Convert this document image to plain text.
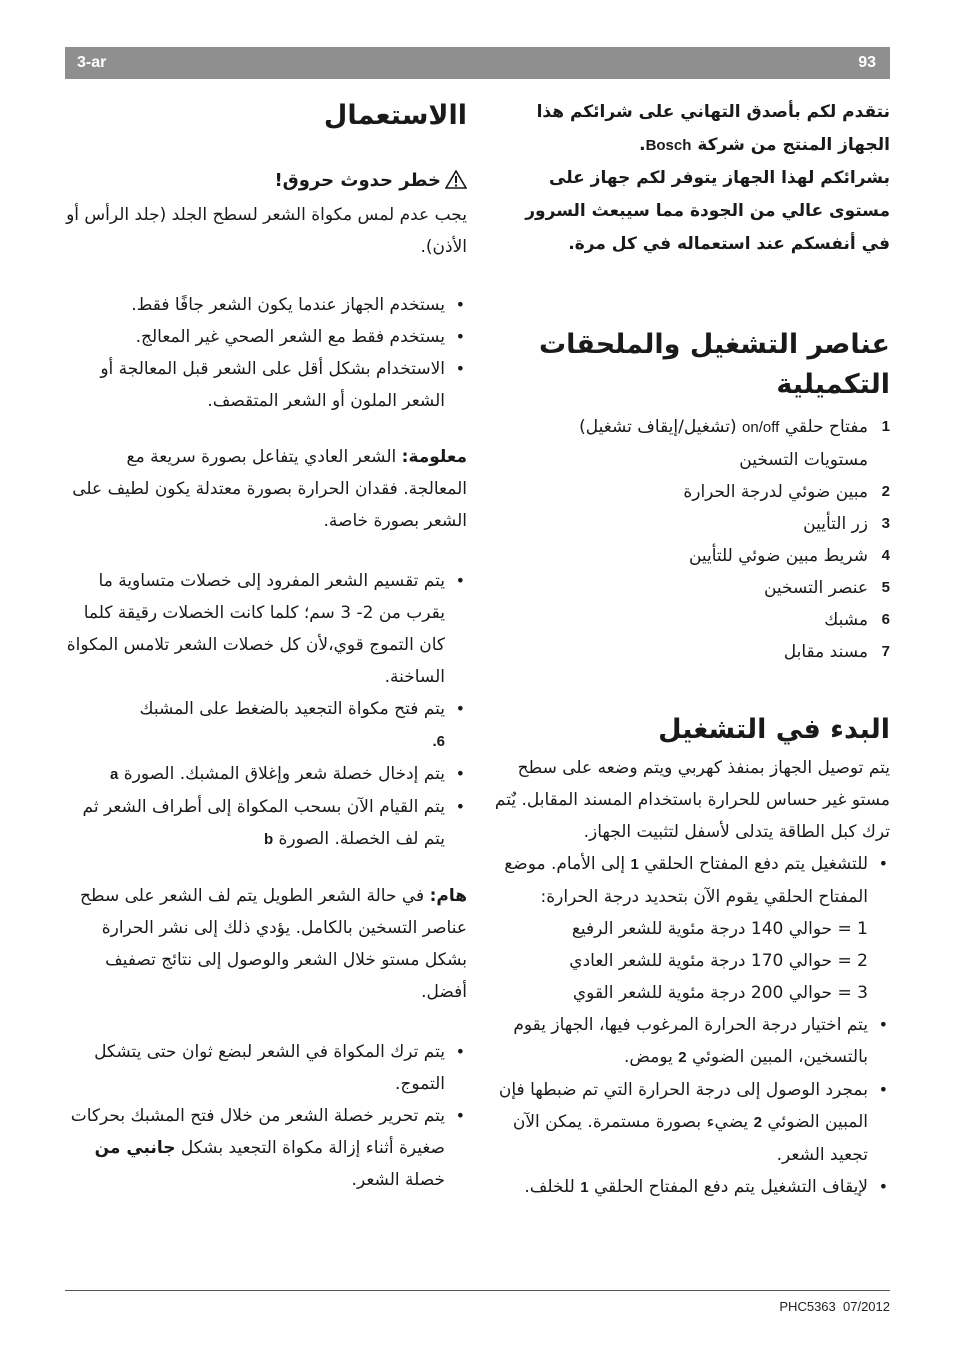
3-ar	93
نتقدم لكم بأصدق التهاني على شرائكم هذا
الجهاز المنتج من شركة Bosch.
بشرائكم لهذا الجهاز يتوفر لكم جهاز على
مستوى عالي من الجودة مما سيبعث السرور
في أنفسكم عند استعماله في كل مرة.
عناصر التشغيل والملحقات التكميلية
1
مفتاح حلقي on/off (تشغيل/إيقاف تشغيل)
مستويات التسخين
2
مبين ضوئي لدرجة الحرارة
3
زر التأيين
4
شريط مبين ضوئي للتأيين
5
عنصر التسخين
6
مشبك
7
مسند مقابل
البدء في التشغيل

يتم توصيل الجهاز بمنفذ كهربي ويتم وضعه على سطح مستو غير حساس للحرارة باستخدام المسند المقابل. يٌتم ترك كبل الطاقة يتدلى لأسفل لتثبيت الجهاز.

• للتشغيل يتم دفع المفتاح الحلقي 1 إلى الأمام. موضع المفتاح الحلقي يقوم الآن بتحديد درجة الحرارة:
1 = حوالي 140 درجة مئوية للشعر الرفيع
2 = حوالي 170 درجة مئوية للشعر العادي
3 = حوالي 200 درجة مئوية للشعر القوي
• يتم اختيار درجة الحرارة المرغوب فيها، الجهاز يقوم بالتسخين، المبين الضوئي 2 يومض.
• بمجرد الوصول إلى درجة الحرارة التي تم ضبطها فإن المبين الضوئي 2 يضيء بصورة مستمرة. يمكن الآن تجعيد الشعر.
• لإيقاف التشغيل يتم دفع المفتاح الحلقي 1 للخلف.
االاستعمال
خطر حدوث حروق!

يجب عدم لمس مكواة الشعر لسطح الجلد (جلد الرأس أو الأذن).

• يستخدم الجهاز عندما يكون الشعر جافًا فقط.
• يستخدم فقط مع الشعر الصحي غير المعالج.
• الاستخدام بشكل أقل على الشعر قبل المعالجة أو الشعر الملون أو الشعر المتقصف.

معلومة: الشعر العادي يتفاعل بصورة سريعة مع المعالجة. فقدان الحرارة بصورة معتدلة يكون لطيف على الشعر بصورة خاصة.

• يتم تقسيم الشعر المفرود إلى خصلات متساوية ما يقرب من 2- 3 سم؛ كلما كانت الخصلات رقيقة كلما كان التموج قوي،لأن كل خصلات الشعر تلامس المكواة الساخنة.
• يتم فتح مكواة التجعيد بالضغط على المشبك
6.
• يتم إدخال خصلة شعر وإغلاق المشبك. الصورة a
• يتم القيام الآن بسحب المكواة إلى أطراف الشعر ثم يتم لف الخصلة. الصورة b

هام: في حالة الشعر الطويل يتم لف الشعر على سطح عناصر التسخين بالكامل. يؤدي ذلك إلى نشر الحرارة بشكل مستو خلال الشعر والوصول إلى نتائج تصفيف أفضل.

• يتم ترك المكواة في الشعر لبضع ثوان حتى يتشكل التموج.
• يتم تحرير خصلة الشعر من خلال فتح المشبك بحركات صغيرة أثناء إزالة مكواة التجعيد بشكل جانبي من خصلة الشعر.
PHC5363 07/2012
